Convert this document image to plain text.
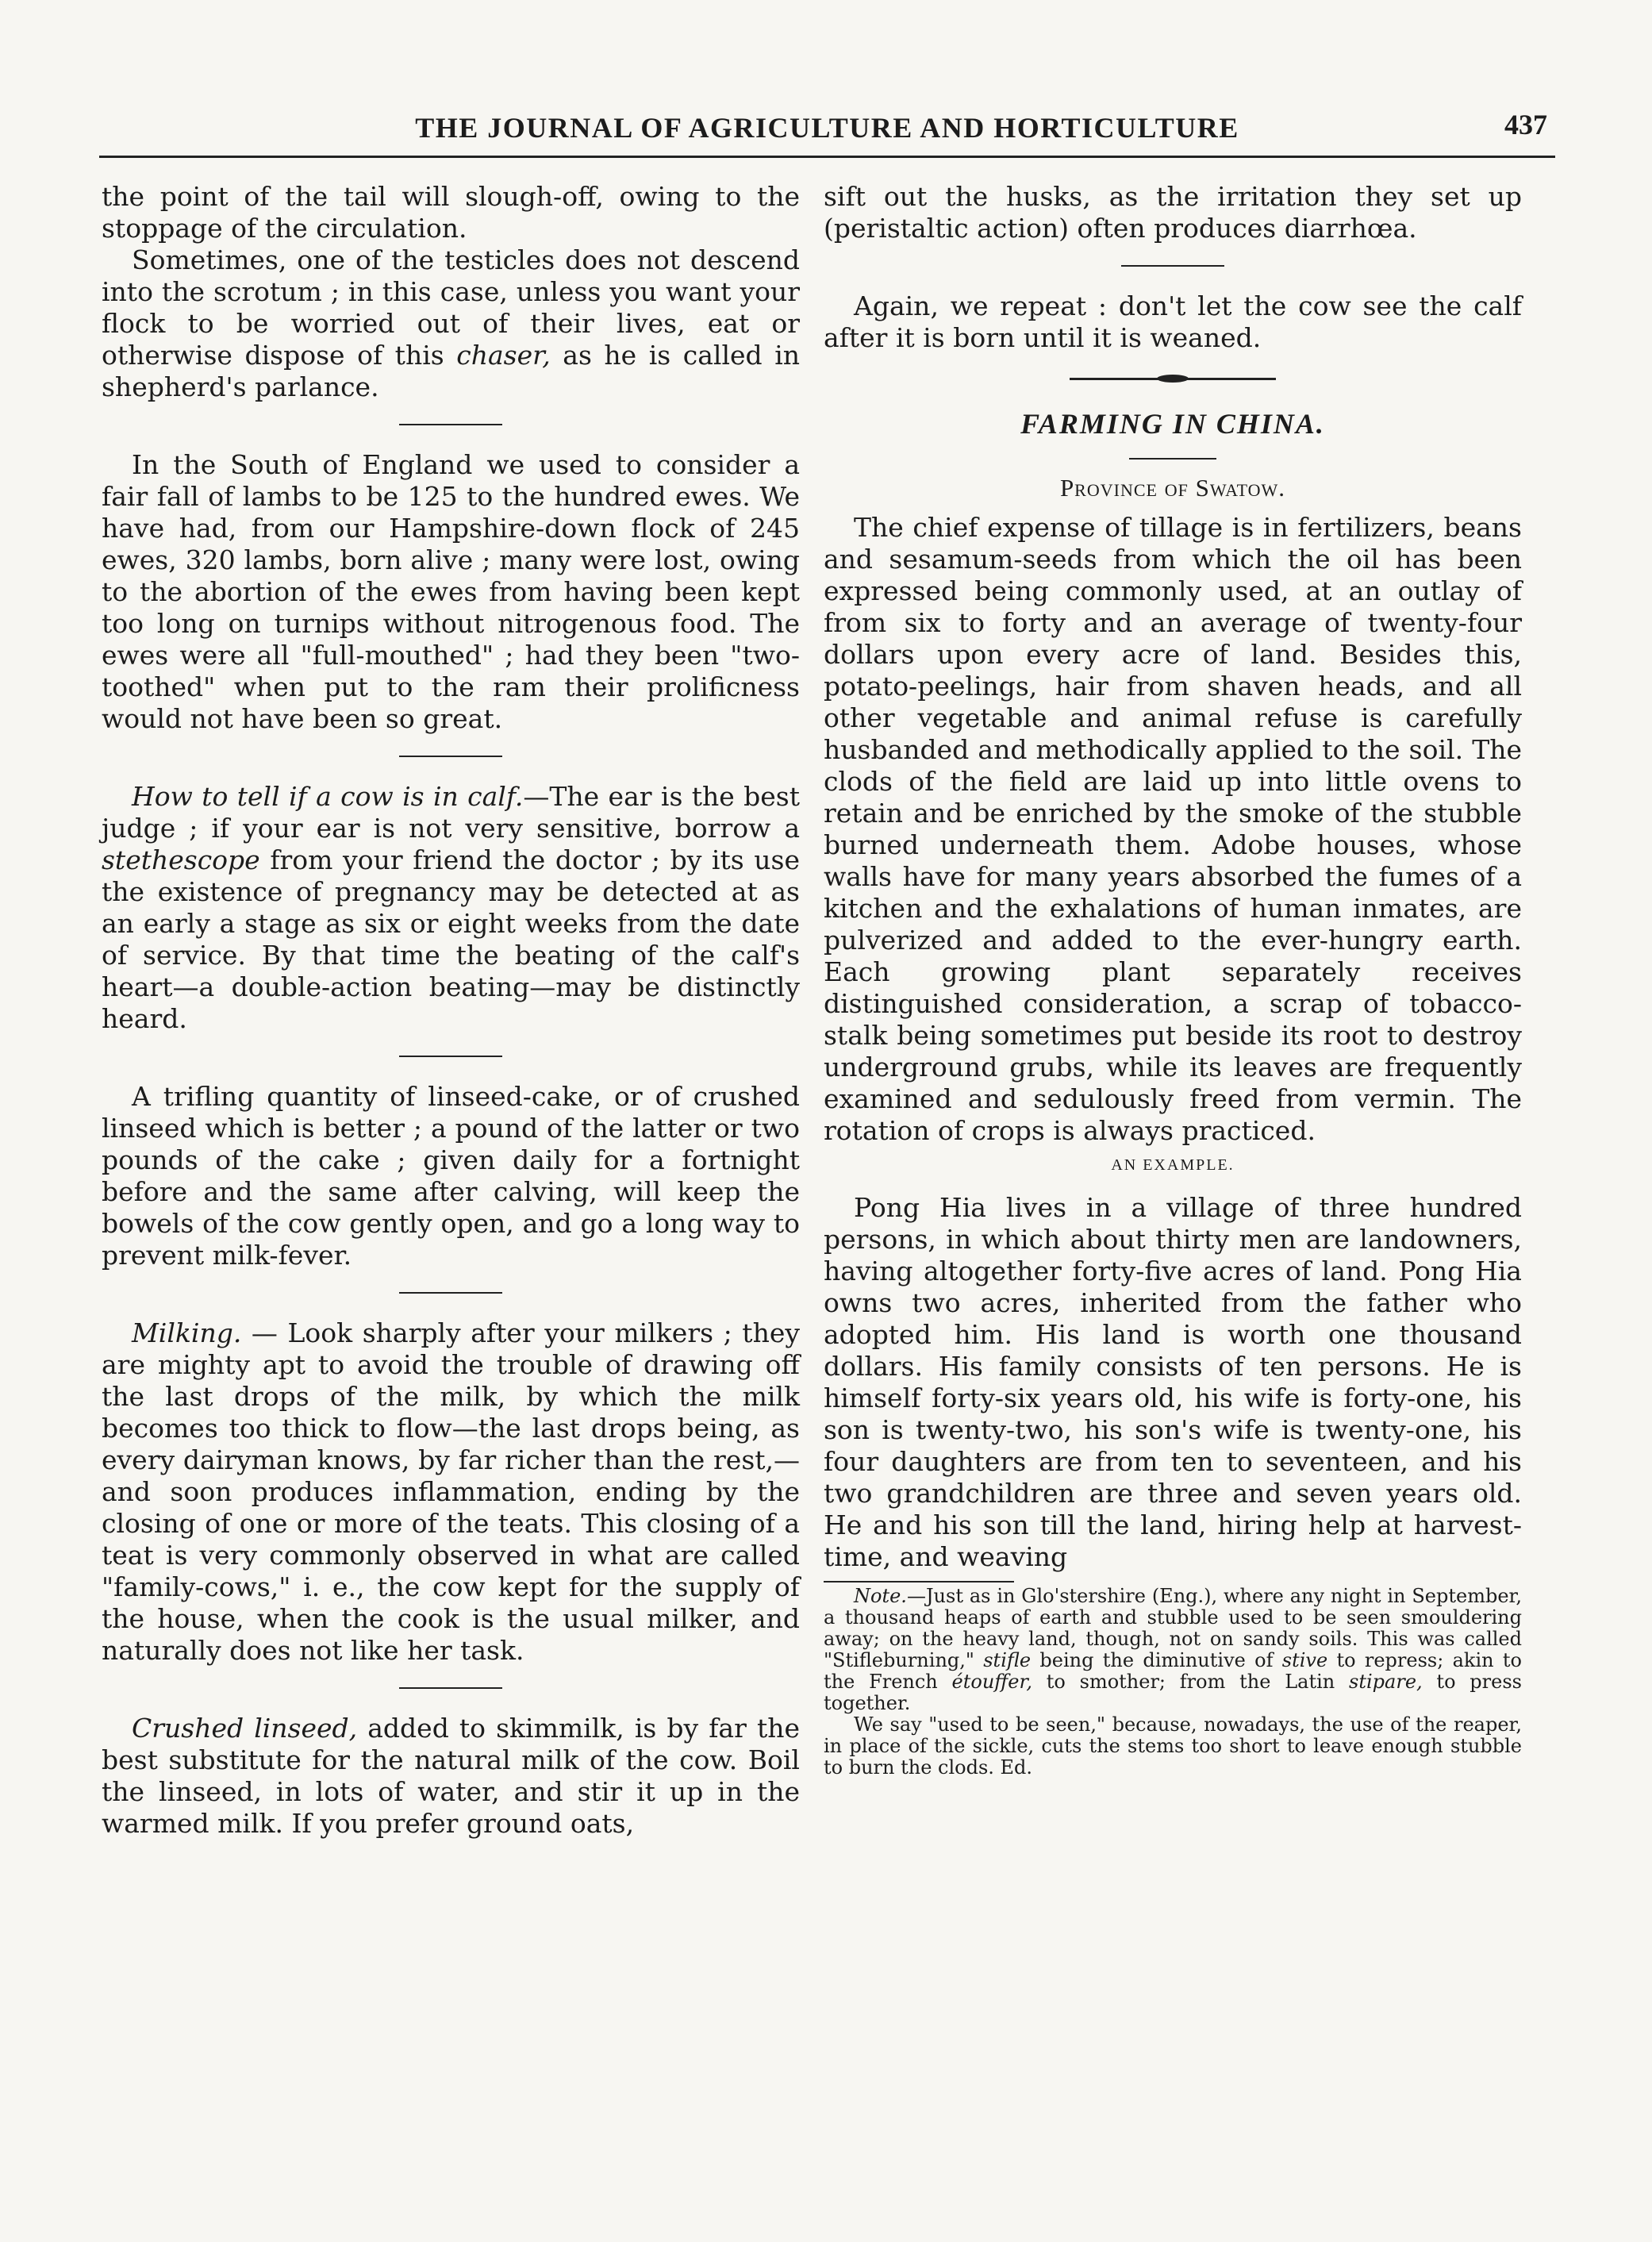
THE JOURNAL OF AGRICULTURE AND HORTICULTURE	437

the point of the tail will slough-off, owing to the stoppage of the circulation.

Sometimes, one of the testicles does not descend into the scrotum ; in this case, unless you want your flock to be worried out of their lives, eat or otherwise dispose of this chaser, as he is called in shepherd's parlance.

In the South of England we used to consider a fair fall of lambs to be 125 to the hundred ewes. We have had, from our Hampshire-down flock of 245 ewes, 320 lambs, born alive ; many were lost, owing to the abortion of the ewes from having been kept too long on turnips without nitrogenous food. The ewes were all "full-mouthed" ; had they been "two-toothed" when put to the ram their prolificness would not have been so great.

How to tell if a cow is in calf.—The ear is the best judge ; if your ear is not very sensitive, borrow a stethescope from your friend the doctor ; by its use the existence of pregnancy may be detected at as an early a stage as six or eight weeks from the date of service. By that time the beating of the calf's heart—a double-action beating—may be distinctly heard.

A trifling quantity of linseed-cake, or of crushed linseed which is better ; a pound of the latter or two pounds of the cake ; given daily for a fortnight before and the same after calving, will keep the bowels of the cow gently open, and go a long way to prevent milk-fever.

Milking. — Look sharply after your milkers ; they are mighty apt to avoid the trouble of drawing off the last drops of the milk, by which the milk becomes too thick to flow—the last drops being, as every dairyman knows, by far richer than the rest,—and soon produces inflammation, ending by the closing of one or more of the teats. This closing of a teat is very commonly observed in what are called "family-cows," i. e., the cow kept for the supply of the house, when the cook is the usual milker, and naturally does not like her task.

Crushed linseed, added to skimmilk, is by far the best substitute for the natural milk of the cow. Boil the linseed, in lots of water, and stir it up in the warmed milk. If you prefer ground oats,

sift out the husks, as the irritation they set up (peristaltic action) often produces diarrhœa.

Again, we repeat : don't let the cow see the calf after it is born until it is weaned.

FARMING IN CHINA.
Province of Swatow.

The chief expense of tillage is in fertilizers, beans and sesamum-seeds from which the oil has been expressed being commonly used, at an outlay of from six to forty and an average of twenty-four dollars upon every acre of land. Besides this, potato-peelings, hair from shaven heads, and all other vegetable and animal refuse is carefully husbanded and methodically applied to the soil. The clods of the field are laid up into little ovens to retain and be enriched by the smoke of the stubble burned underneath them. Adobe houses, whose walls have for many years absorbed the fumes of a kitchen and the exhalations of human inmates, are pulverized and added to the ever-hungry earth. Each growing plant separately receives distinguished consideration, a scrap of tobacco-stalk being sometimes put beside its root to destroy underground grubs, while its leaves are frequently examined and sedulously freed from vermin. The rotation of crops is always practiced.

AN EXAMPLE.

Pong Hia lives in a village of three hundred persons, in which about thirty men are landowners, having altogether forty-five acres of land. Pong Hia owns two acres, inherited from the father who adopted him. His land is worth one thousand dollars. His family consists of ten persons. He is himself forty-six years old, his wife is forty-one, his son is twenty-two, his son's wife is twenty-one, his four daughters are from ten to seventeen, and his two grandchildren are three and seven years old. He and his son till the land, hiring help at harvest-time, and weaving

Note.—Just as in Glo'stershire (Eng.), where any night in September, a thousand heaps of earth and stubble used to be seen smouldering away; on the heavy land, though, not on sandy soils. This was called "Stifleburning," stifle being the diminutive of stive to repress; akin to the French étouffer, to smother; from the Latin stipare, to press together.

We say "used to be seen," because, nowadays, the use of the reaper, in place of the sickle, cuts the stems too short to leave enough stubble to burn the clods. Ed.
